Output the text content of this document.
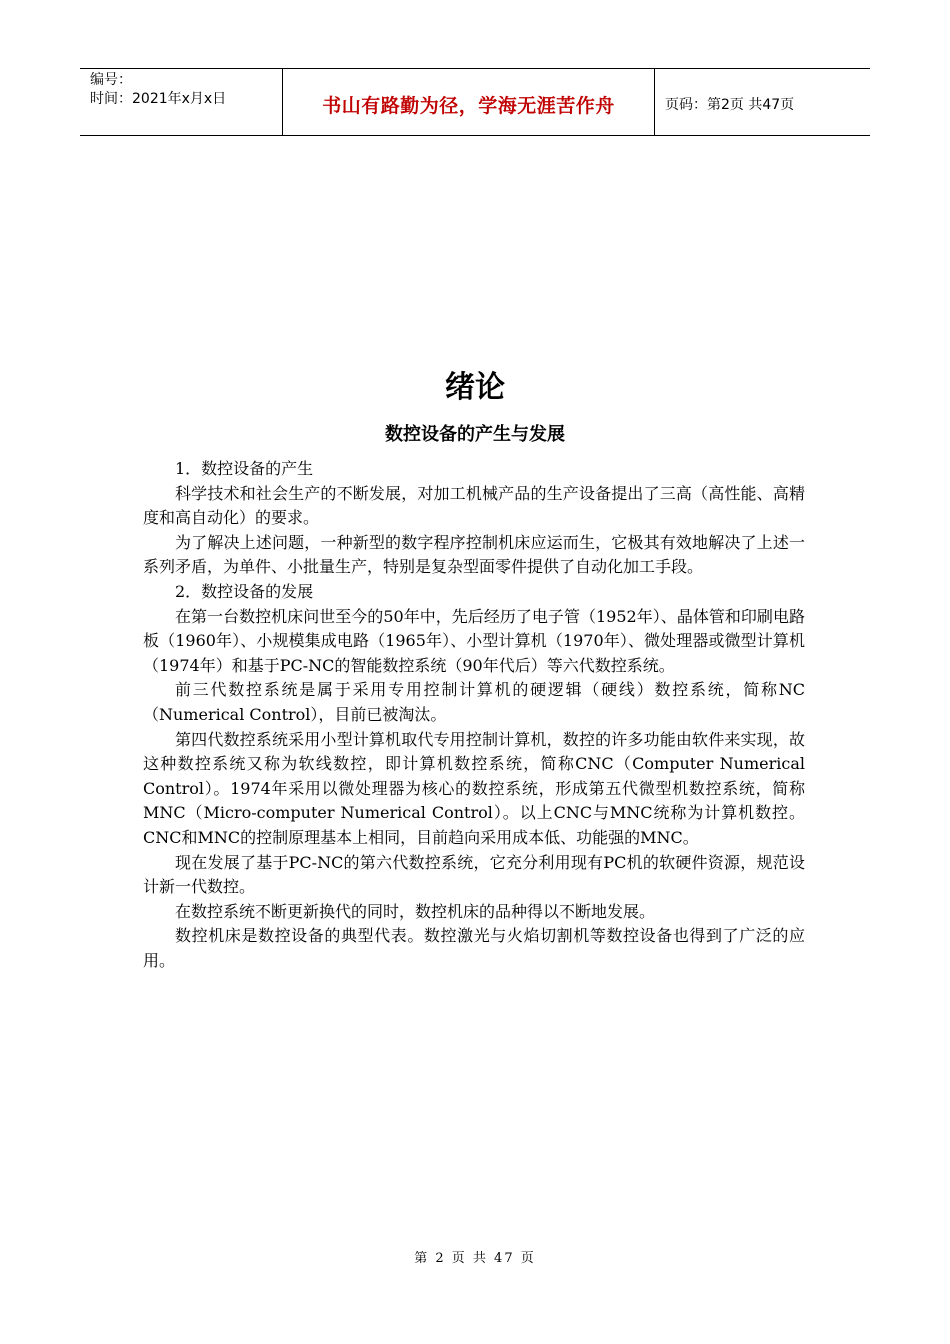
编号：
时间：2021年x月x日	书山有路勤为径，学海无涯苦作舟	页码：第2页 共47页
绪论
数控设备的产生与发展

1．数控设备的产生

科学技术和社会生产的不断发展，对加工机械产品的生产设备提出了三高（高性能、高精度和高自动化）的要求。

为了解决上述问题，一种新型的数字程序控制机床应运而生，它极其有效地解决了上述一系列矛盾，为单件、小批量生产，特别是复杂型面零件提供了自动化加工手段。

2．数控设备的发展

在第一台数控机床问世至今的50年中，先后经历了电子管（1952年）、晶体管和印刷电路板（1960年）、小规模集成电路（1965年）、小型计算机（1970年）、微处理器或微型计算机（1974年）和基于PC-NC的智能数控系统（90年代后）等六代数控系统。

前三代数控系统是属于采用专用控制计算机的硬逻辑（硬线）数控系统，简称NC（Numerical Control），目前已被淘汰。

第四代数控系统采用小型计算机取代专用控制计算机，数控的许多功能由软件来实现，故这种数控系统又称为软线数控，即计算机数控系统，简称CNC（Computer Numerical Control）。1974年采用以微处理器为核心的数控系统，形成第五代微型机数控系统，简称MNC（Micro-computer Numerical Control）。以上CNC与MNC统称为计算机数控。CNC和MNC的控制原理基本上相同，目前趋向采用成本低、功能强的MNC。

现在发展了基于PC-NC的第六代数控系统，它充分利用现有PC机的软硬件资源，规范设计新一代数控。

在数控系统不断更新换代的同时，数控机床的品种得以不断地发展。

数控机床是数控设备的典型代表。数控激光与火焰切割机等数控设备也得到了广泛的应用。

第 2 页 共 47 页
